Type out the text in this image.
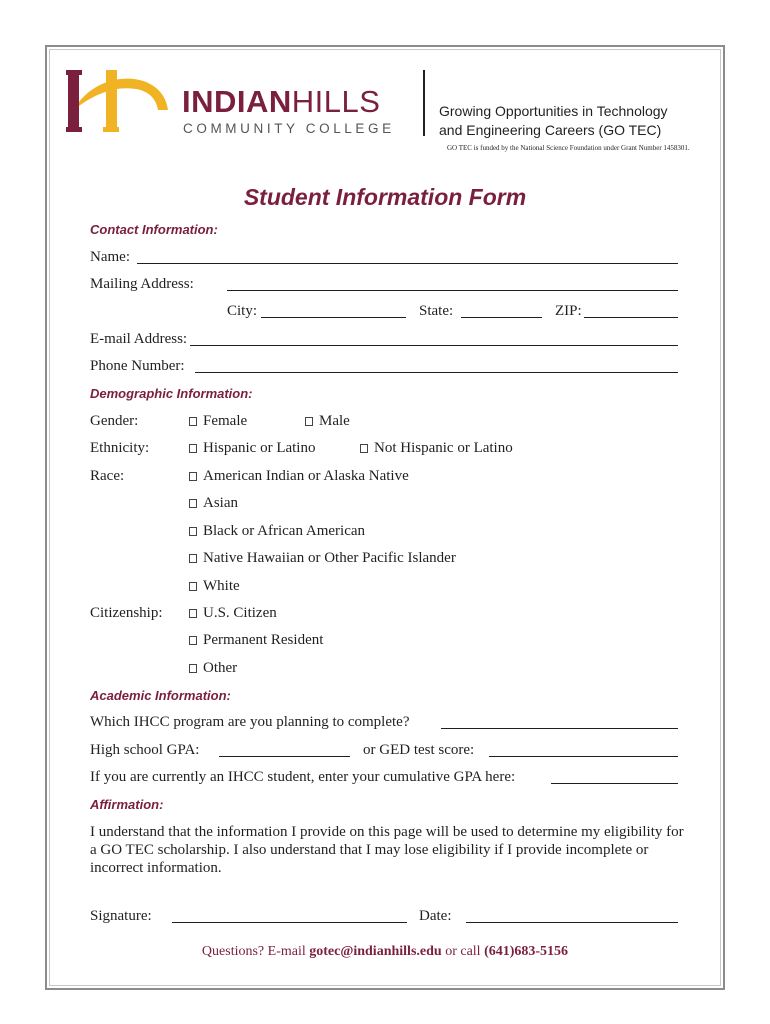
INDIANHILLS
COMMUNITY COLLEGE
Growing Opportunities in Technology
and Engineering Careers (GO TEC)
GO TEC is funded by the National Science Foundation under Grant Number 1458301.
Student Information Form
Contact Information:
Name:
Mailing Address:
City:	State:	ZIP:
E-mail Address:
Phone Number:
Demographic Information:
Gender:	Female	Male
Ethnicity:	Hispanic or Latino	Not Hispanic or Latino
Race:	American Indian or Alaska Native
Asian
Black or African American
Native Hawaiian or Other Pacific Islander
White
Citizenship:	U.S. Citizen
Permanent Resident
Other
Academic Information:
Which IHCC program are you planning to complete?
High school GPA:	or GED test score:
If you are currently an IHCC student, enter your cumulative GPA here:
Affirmation:
I understand that the information I provide on this page will be used to determine my eligibility for a GO TEC scholarship. I also understand that I may lose eligibility if I provide incomplete or incorrect information.
Signature:	Date:
Questions? E-mail gotec@indianhills.edu or call (641)683-5156
